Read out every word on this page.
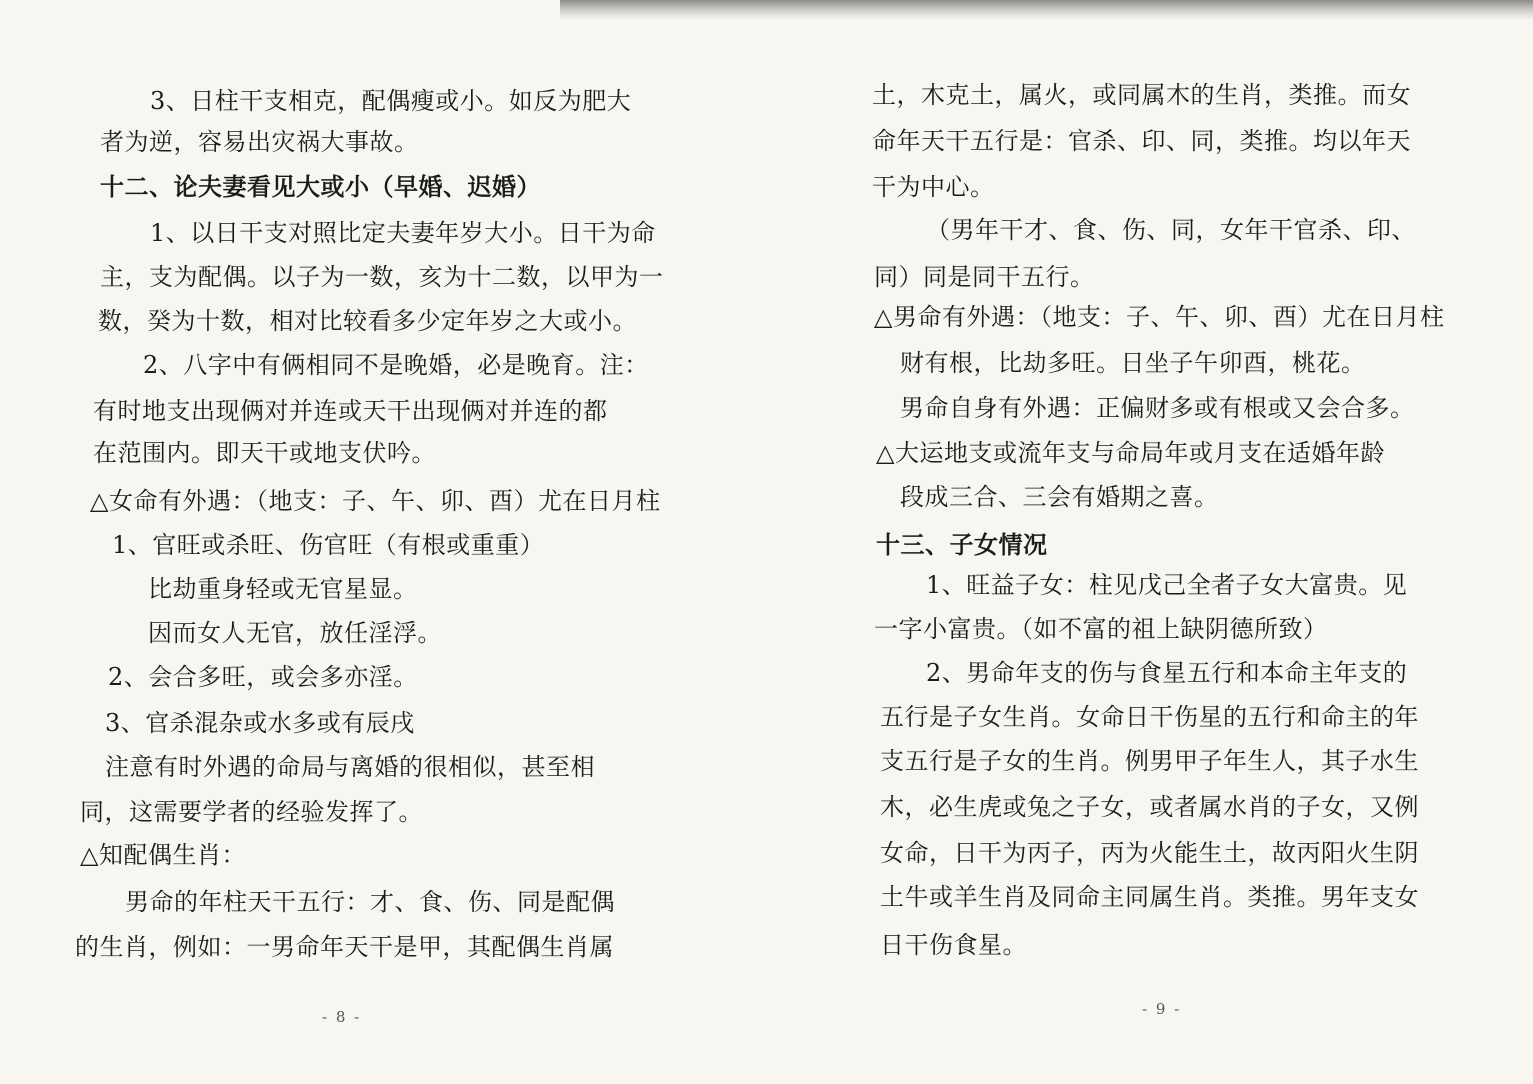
3、日柱干支相克，配偶瘦或小。如反为肥大
者为逆，容易出灾祸大事故。
十二、论夫妻看见大或小（早婚、迟婚）
1、以日干支对照比定夫妻年岁大小。日干为命
主，支为配偶。以子为一数，亥为十二数，以甲为一
数，癸为十数，相对比较看多少定年岁之大或小。
2、八字中有俩相同不是晚婚，必是晚育。注：
有时地支出现俩对并连或天干出现俩对并连的都
在范围内。即天干或地支伏吟。
△女命有外遇：（地支：子、午、卯、酉）尤在日月柱
1、官旺或杀旺、伤官旺（有根或重重）
比劫重身轻或无官星显。
因而女人无官，放任淫浮。
2、会合多旺，或会多亦淫。
3、官杀混杂或水多或有辰戌
注意有时外遇的命局与离婚的很相似，甚至相
同，这需要学者的经验发挥了。
△知配偶生肖：
男命的年柱天干五行：才、食、伤、同是配偶
的生肖，例如：一男命年天干是甲，其配偶生肖属
- 8 -
土，木克土，属火，或同属木的生肖，类推。而女
命年天干五行是：官杀、印、同，类推。均以年天
干为中心。
（男年干才、食、伤、同，女年干官杀、印、
同）同是同干五行。
△男命有外遇：（地支：子、午、卯、酉）尤在日月柱
财有根，比劫多旺。日坐子午卯酉，桃花。
男命自身有外遇：正偏财多或有根或又会合多。
△大运地支或流年支与命局年或月支在适婚年龄
段成三合、三会有婚期之喜。
十三、子女情况
1、旺益子女：柱见戊己全者子女大富贵。见
一字小富贵。（如不富的祖上缺阴德所致）
2、男命年支的伤与食星五行和本命主年支的
五行是子女生肖。女命日干伤星的五行和命主的年
支五行是子女的生肖。例男甲子年生人，其子水生
木，必生虎或兔之子女，或者属水肖的子女，又例
女命，日干为丙子，丙为火能生土，故丙阳火生阴
土牛或羊生肖及同命主同属生肖。类推。男年支女
日干伤食星。
- 9 -
